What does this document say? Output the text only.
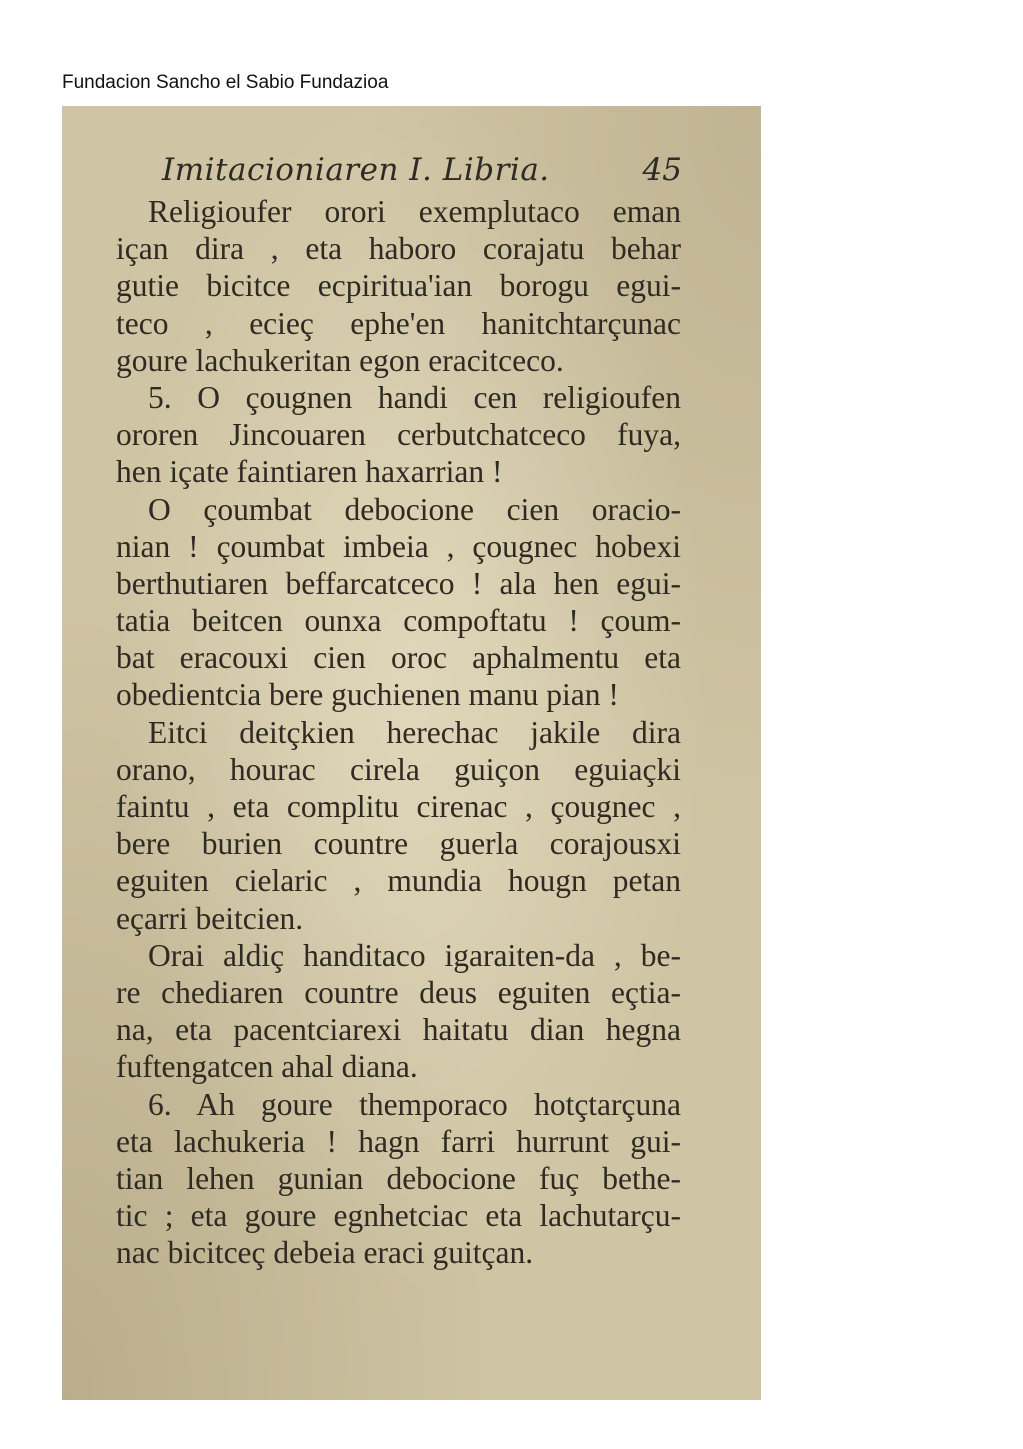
Fundacion Sancho el Sabio Fundazioa
Imitacioniaren I. Libria.	45
Religioufer orori exemplutaco eman
içan dira , eta haboro corajatu behar
gutie bicitce ecpiritua'ian borogu egui-
teco , ecieç ephe'en hanitchtarçunac
goure lachukeritan egon eracitceco.
5. O çougnen handi cen religioufen
ororen Jincouaren cerbutchatceco fuya,
hen içate faintiaren haxarrian !
O çoumbat debocione cien oracio-
nian ! çoumbat imbeia , çougnec hobexi
berthutiaren beffarcatceco ! ala hen egui-
tatia beitcen ounxa compoftatu ! çoum-
bat eracouxi cien oroc aphalmentu eta
obedientcia bere guchienen manu pian !
Eitci deitçkien herechac jakile dira
orano, hourac cirela guiçon eguiaçki
faintu , eta complitu cirenac , çougnec ,
bere burien countre guerla corajousxi
eguiten cielaric , mundia hougn petan
eçarri beitcien.
Orai aldiç handitaco igaraiten-da , be-
re chediaren countre deus eguiten eçtia-
na, eta pacentciarexi haitatu dian hegna
fuftengatcen ahal diana.
6. Ah goure themporaco hotçtarçuna
eta lachukeria ! hagn farri hurrunt gui-
tian lehen gunian debocione fuç bethe-
tic ; eta goure egnhetciac eta lachutarçu-
nac bicitceç debeia eraci guitçan.
